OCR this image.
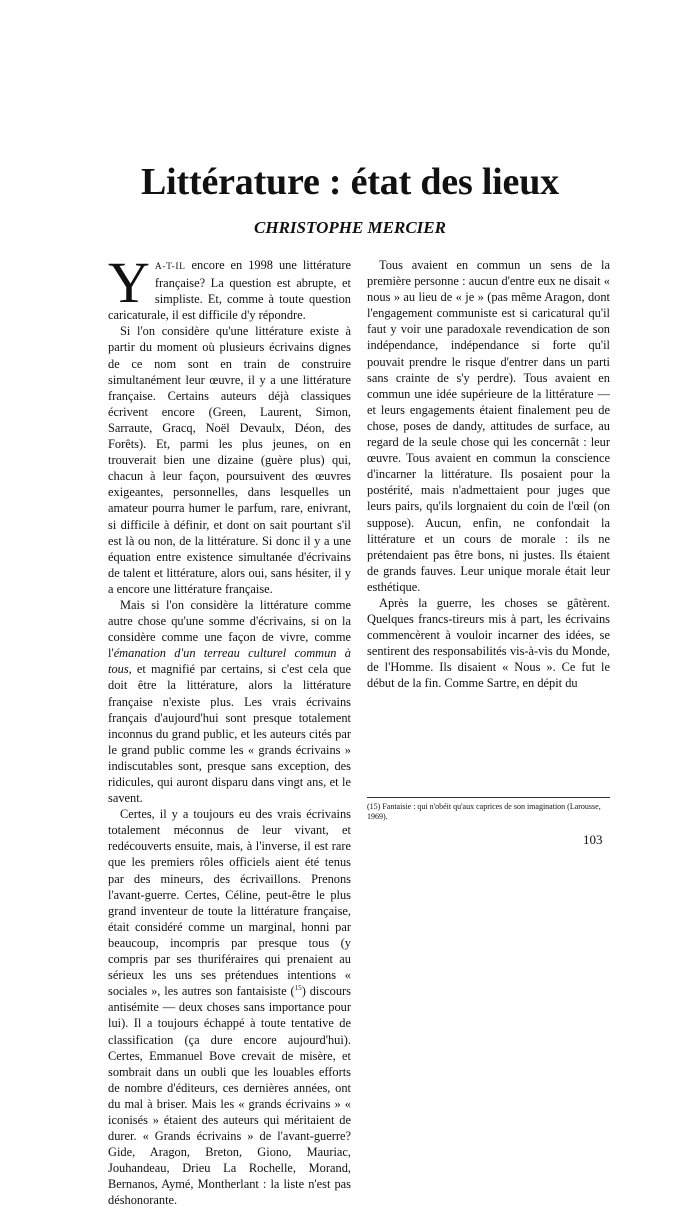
Littérature : état des lieux
CHRISTOPHE MERCIER

Y A-T-IL encore en 1998 une littérature française? La question est abrupte, et simpliste. Et, comme à toute question caricaturale, il est difficile d'y répondre.

Si l'on considère qu'une littérature existe à partir du moment où plusieurs écrivains dignes de ce nom sont en train de construire simultanément leur œuvre, il y a une littérature française. Certains auteurs déjà classiques écrivent encore (Green, Laurent, Simon, Sarraute, Gracq, Noël Devaulx, Déon, des Forêts). Et, parmi les plus jeunes, on en trouverait bien une dizaine (guère plus) qui, chacun à leur façon, poursuivent des œuvres exigeantes, personnelles, dans lesquelles un amateur pourra humer le parfum, rare, enivrant, si difficile à définir, et dont on sait pourtant s'il est là ou non, de la littérature. Si donc il y a une équation entre existence simultanée d'écrivains de talent et littérature, alors oui, sans hésiter, il y a encore une littérature française.

Mais si l'on considère la littérature comme autre chose qu'une somme d'écrivains, si on la considère comme une façon de vivre, comme l'émanation d'un terreau culturel commun à tous, et magnifié par certains, si c'est cela que doit être la littérature, alors la littérature française n'existe plus. Les vrais écrivains français d'aujourd'hui sont presque totalement inconnus du grand public, et les auteurs cités par le grand public comme les « grands écrivains » indiscutables sont, presque sans exception, des ridicules, qui auront disparu dans vingt ans, et le savent.

Certes, il y a toujours eu des vrais écrivains totalement méconnus de leur vivant, et redécouverts ensuite, mais, à l'inverse, il est rare que les premiers rôles officiels aient été tenus par des mineurs, des écrivaillons. Prenons l'avant-guerre. Certes, Céline, peut-être le plus grand inventeur de toute la littérature française, était considéré comme un marginal, honni par beaucoup, incompris par presque tous (y compris par ses thuriféraires qui prenaient au sérieux les uns ses prétendues intentions « sociales », les autres son fantaisiste ($^{15}$) discours antisémite — deux choses sans importance pour lui). Il a toujours échappé à toute tentative de classification (ça dure encore aujourd'hui). Certes, Emmanuel Bove crevait de misère, et sombrait dans un oubli que les louables efforts de nombre d'éditeurs, ces dernières années, ont du mal à briser. Mais les « grands écrivains » « iconisés » étaient des auteurs qui méritaient de durer. « Grands écrivains » de l'avant-guerre? Gide, Aragon, Breton, Giono, Mauriac, Jouhandeau, Drieu La Rochelle, Morand, Bernanos, Aymé, Montherlant : la liste n'est pas déshonorante.

Tous avaient en commun un sens de la première personne : aucun d'entre eux ne disait « nous » au lieu de « je » (pas même Aragon, dont l'engagement communiste est si caricatural qu'il faut y voir une paradoxale revendication de son indépendance, indépendance si forte qu'il pouvait prendre le risque d'entrer dans un parti sans crainte de s'y perdre). Tous avaient en commun une idée supérieure de la littérature — et leurs engagements étaient finalement peu de chose, poses de dandy, attitudes de surface, au regard de la seule chose qui les concernât : leur œuvre. Tous avaient en commun la conscience d'incarner la littérature. Ils posaient pour la postérité, mais n'admettaient pour juges que leurs pairs, qu'ils lorgnaient du coin de l'œil (on suppose). Aucun, enfin, ne confondait la littérature et un cours de morale : ils ne prétendaient pas être bons, ni justes. Ils étaient de grands fauves. Leur unique morale était leur esthétique.

Après la guerre, les choses se gâtèrent. Quelques francs-tireurs mis à part, les écrivains commencèrent à vouloir incarner des idées, se sentirent des responsabilités vis-à-vis du Monde, de l'Homme. Ils disaient « Nous ». Ce fut le début de la fin. Comme Sartre, en dépit du

(15) Fantaisie : qui n'obéit qu'aux caprices de son imagination (Larousse, 1969).
103
